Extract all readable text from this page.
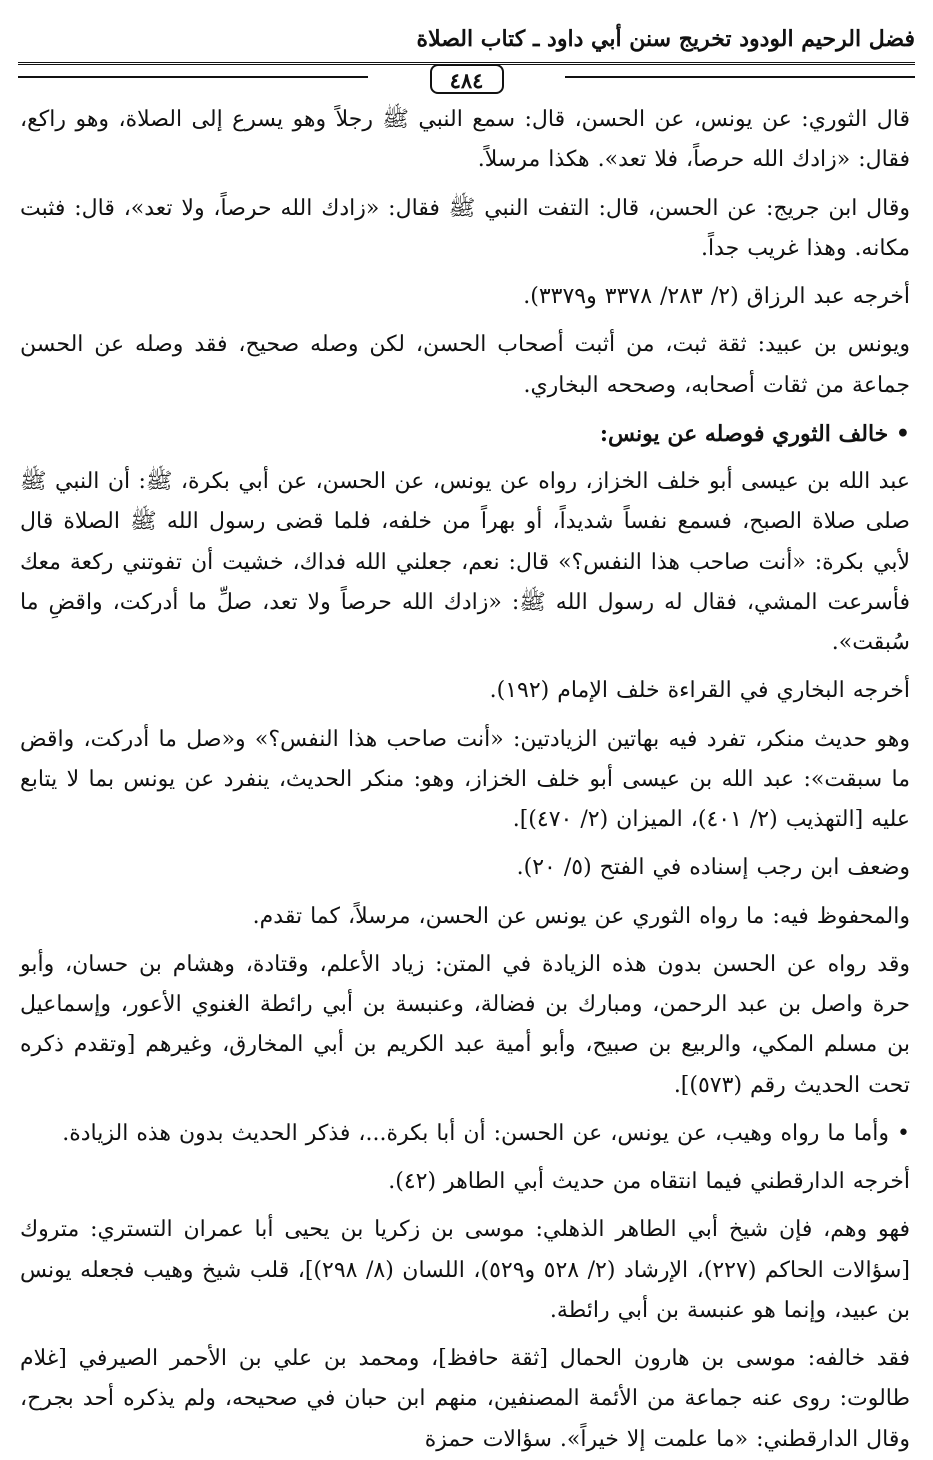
فضل الرحيم الودود تخريج سنن أبي داود ـ كتاب الصلاة
٤٨٤

قال الثوري: عن يونس، عن الحسن، قال: سمع النبي ﷺ رجلاً وهو يسرع إلى الصلاة، وهو راكع، فقال: «زادك الله حرصاً، فلا تعد». هكذا مرسلاً.

وقال ابن جريج: عن الحسن، قال: التفت النبي ﷺ فقال: «زادك الله حرصاً، ولا تعد»، قال: فثبت مكانه. وهذا غريب جداً.

أخرجه عبد الرزاق (٢/ ٢٨٣/ ٣٣٧٨ و٣٣٧٩).

ويونس بن عبيد: ثقة ثبت، من أثبت أصحاب الحسن، لكن وصله صحيح، فقد وصله عن الحسن جماعة من ثقات أصحابه، وصححه البخاري.

• خالف الثوري فوصله عن يونس:

عبد الله بن عيسى أبو خلف الخزاز، رواه عن يونس، عن الحسن، عن أبي بكرة، ﷺ: أن النبي ﷺ صلى صلاة الصبح، فسمع نفساً شديداً، أو بهراً من خلفه، فلما قضى رسول الله ﷺ الصلاة قال لأبي بكرة: «أنت صاحب هذا النفس؟» قال: نعم، جعلني الله فداك، خشيت أن تفوتني ركعة معك فأسرعت المشي، فقال له رسول الله ﷺ: «زادك الله حرصاً ولا تعد، صلِّ ما أدركت، واقضِ ما سُبقت».

أخرجه البخاري في القراءة خلف الإمام (١٩٢).

وهو حديث منكر، تفرد فيه بهاتين الزيادتين: «أنت صاحب هذا النفس؟» و«صل ما أدركت، واقض ما سبقت»: عبد الله بن عيسى أبو خلف الخزاز، وهو: منكر الحديث، ينفرد عن يونس بما لا يتابع عليه [التهذيب (٢/ ٤٠١)، الميزان (٢/ ٤٧٠)].

وضعف ابن رجب إسناده في الفتح (٥/ ٢٠).

والمحفوظ فيه: ما رواه الثوري عن يونس عن الحسن، مرسلاً، كما تقدم.

وقد رواه عن الحسن بدون هذه الزيادة في المتن: زياد الأعلم، وقتادة، وهشام بن حسان، وأبو حرة واصل بن عبد الرحمن، ومبارك بن فضالة، وعنبسة بن أبي رائطة الغنوي الأعور، وإسماعيل بن مسلم المكي، والربيع بن صبيح، وأبو أمية عبد الكريم بن أبي المخارق، وغيرهم [وتقدم ذكره تحت الحديث رقم (٥٧٣)].

• وأما ما رواه وهيب، عن يونس، عن الحسن: أن أبا بكرة...، فذكر الحديث بدون هذه الزيادة.

أخرجه الدارقطني فيما انتقاه من حديث أبي الطاهر (٤٢).

فهو وهم، فإن شيخ أبي الطاهر الذهلي: موسى بن زكريا بن يحيى أبا عمران التستري: متروك [سؤالات الحاكم (٢٢٧)، الإرشاد (٢/ ٥٢٨ و٥٢٩)، اللسان (٨/ ٢٩٨)]، قلب شيخ وهيب فجعله يونس بن عبيد، وإنما هو عنبسة بن أبي رائطة.

فقد خالفه: موسى بن هارون الحمال [ثقة حافظ]، ومحمد بن علي بن الأحمر الصيرفي [غلام طالوت: روى عنه جماعة من الأئمة المصنفين، منهم ابن حبان في صحيحه، ولم يذكره أحد بجرح، وقال الدارقطني: «ما علمت إلا خيراً». سؤالات حمزة
